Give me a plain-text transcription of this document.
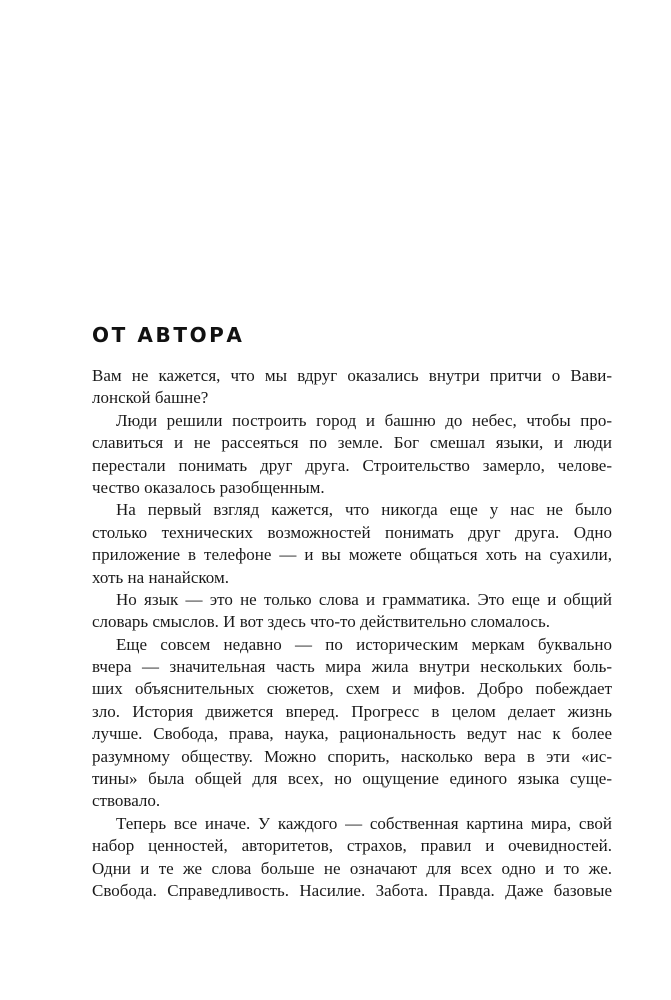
ОТ АВТОРА
Вам не кажется, что мы вдруг оказались внутри притчи о Вави-
лонской башне?
Люди решили построить город и башню до небес, чтобы про-
славиться и не рассеяться по земле. Бог смешал языки, и люди
перестали понимать друг друга. Строительство замерло, челове-
чество оказалось разобщенным.
На первый взгляд кажется, что никогда еще у нас не было
столько технических возможностей понимать друг друга. Одно
приложение в телефоне — и вы можете общаться хоть на суахили,
хоть на нанайском.
Но язык — это не только слова и грамматика. Это еще и общий
словарь смыслов. И вот здесь что-то действительно сломалось.
Еще совсем недавно — по историческим меркам буквально
вчера — значительная часть мира жила внутри нескольких боль-
ших объяснительных сюжетов, схем и мифов. Добро побеждает
зло. История движется вперед. Прогресс в целом делает жизнь
лучше. Свобода, права, наука, рациональность ведут нас к более
разумному обществу. Можно спорить, насколько вера в эти «ис-
тины» была общей для всех, но ощущение единого языка суще-
ствовало.
Теперь все иначе. У каждого — собственная картина мира, свой
набор ценностей, авторитетов, страхов, правил и очевидностей.
Одни и те же слова больше не означают для всех одно и то же.
Свобода. Справедливость. Насилие. Забота. Правда. Даже базовые
